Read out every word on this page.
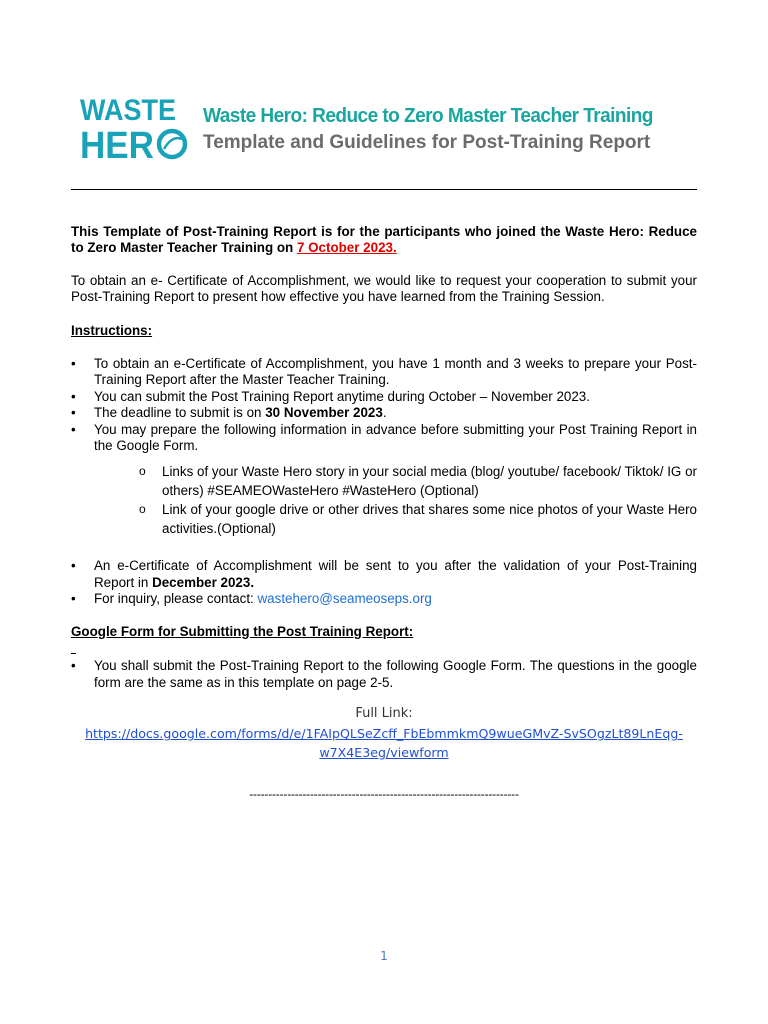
WASTE
HER
Waste Hero: Reduce to Zero Master Teacher Training
Template and Guidelines for Post-Training Report

This Template of Post-Training Report is for the participants who joined the Waste Hero: Reduce to Zero Master Teacher Training on 7 October 2023.

To obtain an e- Certificate of Accomplishment, we would like to request your cooperation to submit your Post-Training Report to present how effective you have learned from the Training Session.

Instructions:

• To obtain an e-Certificate of Accomplishment, you have 1 month and 3 weeks to prepare your Post-Training Report after the Master Teacher Training.
• You can submit the Post Training Report anytime during October – November 2023.
• The deadline to submit is on 30 November 2023.
• You may prepare the following information in advance before submitting your Post Training Report in the Google Form.
o Links of your Waste Hero story in your social media (blog/ youtube/ facebook/ Tiktok/ IG or others) #SEAMEOWasteHero #WasteHero (Optional)
o Link of your google drive or other drives that shares some nice photos of your Waste Hero activities.(Optional)
• An e-Certificate of Accomplishment will be sent to you after the validation of your Post-Training Report in December 2023.
• For inquiry, please contact: wastehero@seameoseps.org

Google Form for Submitting the Post Training Report:

• You shall submit the Post-Training Report to the following Google Form. The questions in the google form are the same as in this template on page 2-5.

Full Link:

https://docs.google.com/forms/d/e/1FAIpQLSeZcff_FbEbmmkmQ9wueGMvZ-SvSOgzLt89LnEqg-
w7X4E3eg/viewform

-----------------------------------------------------------------------

1
